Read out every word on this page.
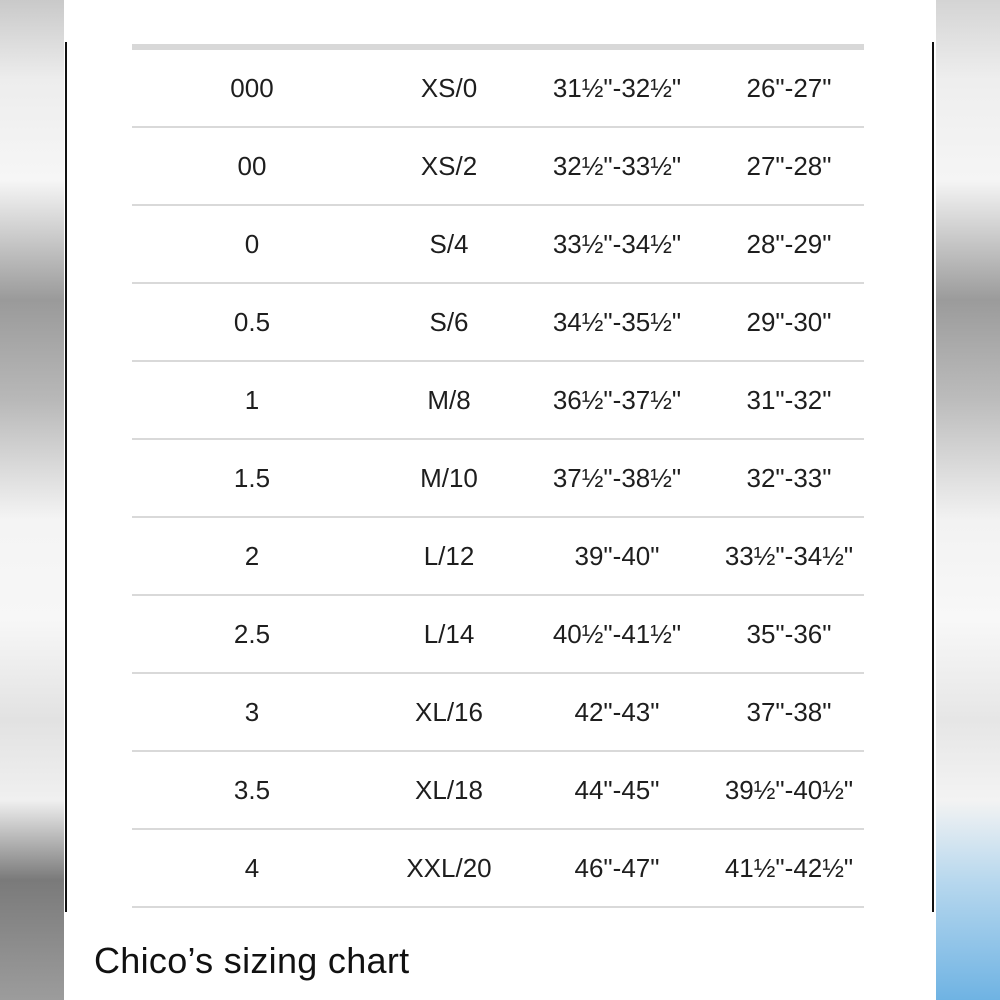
000	XS/0	31½"-32½"	26"-27"
00	XS/2	32½"-33½"	27"-28"
0	S/4	33½"-34½"	28"-29"
0.5	S/6	34½"-35½"	29"-30"
1	M/8	36½"-37½"	31"-32"
1.5	M/10	37½"-38½"	32"-33"
2	L/12	39"-40"	33½"-34½"
2.5	L/14	40½"-41½"	35"-36"
3	XL/16	42"-43"	37"-38"
3.5	XL/18	44"-45"	39½"-40½"
4	XXL/20	46"-47"	41½"-42½"
Chico’s sizing chart
